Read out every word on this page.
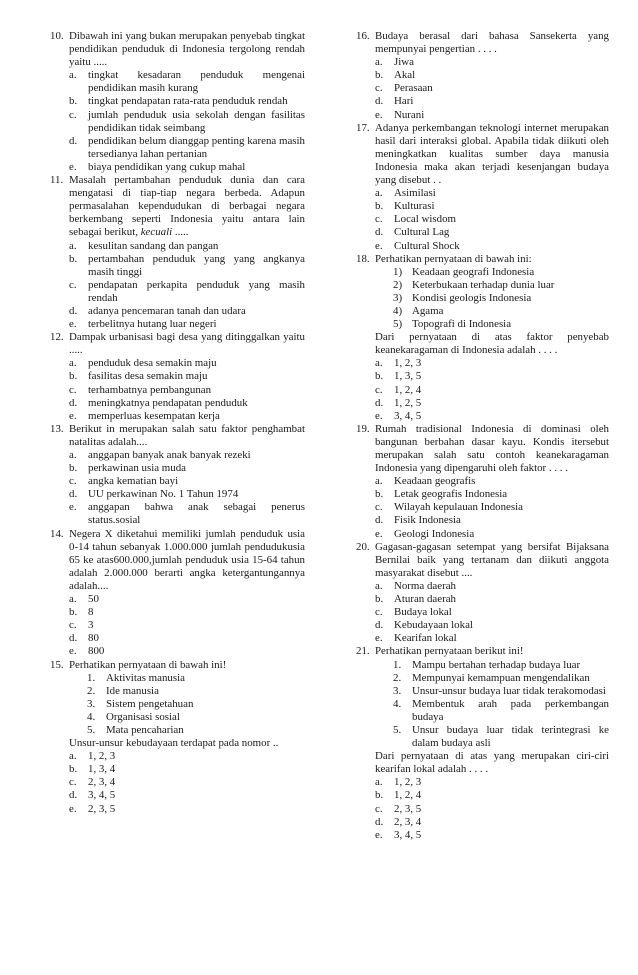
10. Dibawah ini yang bukan merupakan penyebab tingkat pendidikan penduduk di Indonesia tergolong rendah yaitu .....
a. tingkat kesadaran penduduk mengenai pendidikan masih kurang
b. tingkat pendapatan rata-rata penduduk rendah
c. jumlah penduduk usia sekolah dengan fasilitas pendidikan tidak seimbang
d. pendidikan belum dianggap penting karena masih tersedianya lahan pertanian
e. biaya pendidikan yang cukup mahal
11. Masalah pertambahan penduduk dunia dan cara mengatasi di tiap-tiap negara berbeda. Adapun permasalahan kependudukan di berbagai negara berkembang seperti Indonesia yaitu antara lain sebagai berikut, kecuali .....
a. kesulitan sandang dan pangan
b. pertambahan penduduk yang yang angkanya masih tinggi
c. pendapatan perkapita penduduk yang masih rendah
d. adanya pencemaran tanah dan udara
e. terbelitnya hutang luar negeri
12. Dampak urbanisasi bagi desa yang ditinggalkan yaitu .....
a. penduduk desa semakin maju
b. fasilitas desa semakin maju
c. terhambatnya pembangunan
d. meningkatnya pendapatan penduduk
e. memperluas kesempatan kerja
13. Berikut in merupakan salah satu faktor penghambat natalitas adalah....
a. anggapan banyak anak banyak rezeki
b. perkawinan usia muda
c. angka kematian bayi
d. UU perkawinan No. 1 Tahun 1974
e. anggapan bahwa anak sebagai penerus status.sosial
14. Negera X diketahui memiliki jumlah penduduk usia 0-14 tahun sebanyak 1.000.000 jumlah pendudukusia 65 ke atas600.000,jumlah penduduk usia 15-64 tahun adalah 2.000.000 berarti angka ketergantungannya adalah....
a. 50
b. 8
c. 3
d. 80
e. 800
15. Perhatikan pernyataan di bawah ini!
1. Aktivitas manusia
2. Ide manusia
3. Sistem pengetahuan
4. Organisasi sosial
5. Mata pencaharian
Unsur-unsur kebudayaan terdapat pada nomor ..
a. 1, 2, 3
b. 1, 3, 4
c. 2, 3, 4
d. 3, 4, 5
e. 2, 3, 5
16. Budaya berasal dari bahasa Sansekerta yang mempunyai pengertian . . . .
a. Jiwa
b. Akal
c. Perasaan
d. Hari
e. Nurani
17. Adanya perkembangan teknologi internet merupakan hasil dari interaksi global. Apabila tidak diikuti oleh meningkatkan kualitas sumber daya manusia Indonesia maka akan terjadi kesenjangan budaya yang disebut . .
a. Asimilasi
b. Kulturasi
c. Local wisdom
d. Cultural Lag
e. Cultural Shock
18. Perhatikan pernyataan di bawah ini:
1) Keadaan geografi Indonesia
2) Keterbukaan terhadap dunia luar
3) Kondisi geologis Indonesia
4) Agama
5) Topografi di Indonesia
Dari pernyataan di atas faktor penyebab keanekaragaman di Indonesia adalah . . . .
a. 1, 2, 3
b. 1, 3, 5
c. 1, 2, 4
d. 1, 2, 5
e. 3, 4, 5
19. Rumah tradisional Indonesia di dominasi oleh bangunan berbahan dasar kayu. Kondis itersebut merupakan salah satu contoh keanekaragaman Indonesia yang dipengaruhi oleh faktor . . . .
a. Keadaan geografis
b. Letak geografis Indonesia
c. Wilayah kepulauan Indonesia
d. Fisik Indonesia
e. Geologi Indonesia
20. Gagasan-gagasan setempat yang bersifat Bijaksana Bernilai baik yang tertanam dan diikuti anggota masyarakat disebut ....
a. Norma daerah
b. Aturan daerah
c. Budaya lokal
d. Kebudayaan lokal
e. Kearifan lokal
21. Perhatikan pernyataan berikut ini!
1. Mampu bertahan terhadap budaya luar
2. Mempunyai kemampuan mengendalikan
3. Unsur-unsur budaya luar tidak terakomodasi
4. Membentuk arah pada perkembangan budaya
5. Unsur budaya luar tidak terintegrasi ke dalam budaya asli
Dari pernyataan di atas yang merupakan ciri-ciri kearifan lokal adalah . . . .
a. 1, 2, 3
b. 1, 2, 4
c. 2, 3, 5
d. 2, 3, 4
e. 3, 4, 5
